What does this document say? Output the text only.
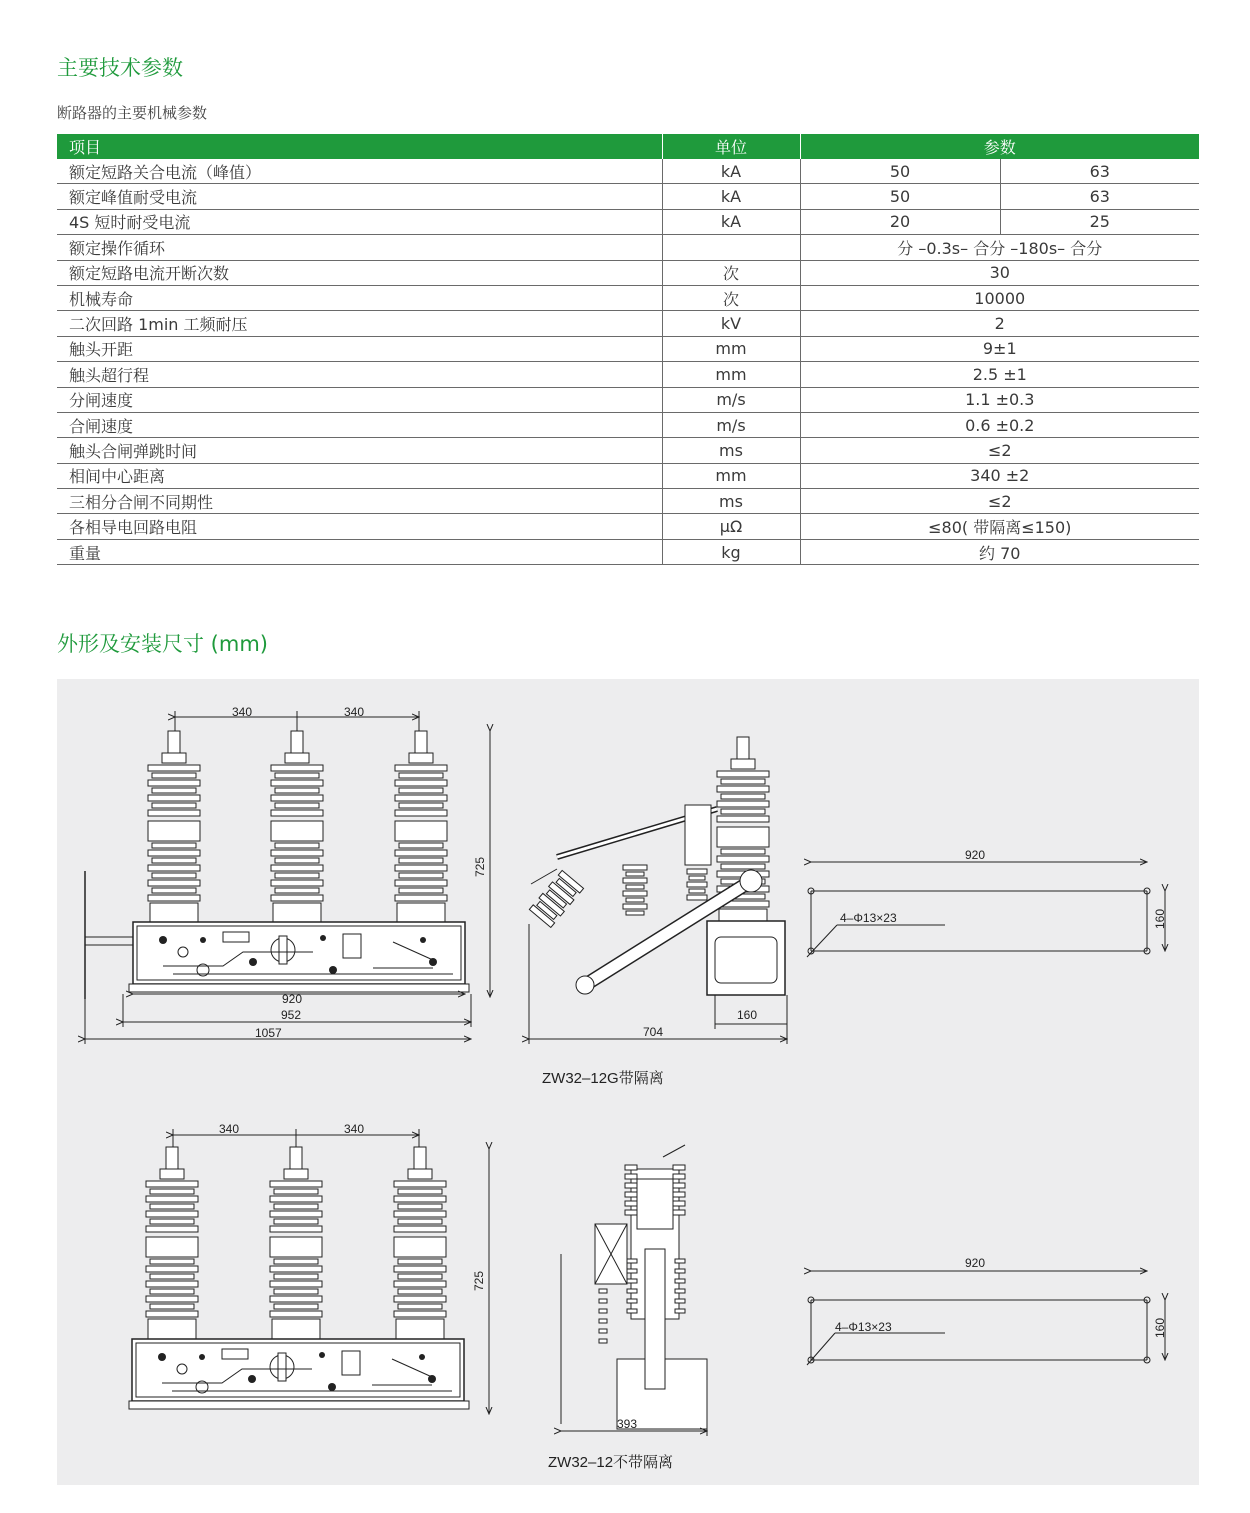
主要技术参数
断路器的主要机械参数
项目	单位	参数	
额定短路关合电流（峰值）	kA	50	63
额定峰值耐受电流	kA	50	63
4S 短时耐受电流	kA	20	25
额定操作循环		分 –0.3s– 合分 –180s– 合分	
额定短路电流开断次数	次	30	
机械寿命	次	10000	
二次回路 1min 工频耐压	kV	2	
触头开距	mm	9±1	
触头超行程	mm	2.5 ±1	
分闸速度	m/s	1.1 ±0.3	
合闸速度	m/s	0.6 ±0.2	
触头合闸弹跳时间	ms	≤2	
相间中心距离	mm	340 ±2	
三相分合闸不同期性	ms	≤2	
各相导电回路电阻	μΩ	≤80( 带隔离≤150)	
重量	kg	约 70	
外形及安装尺寸 (mm)
340	340
725
920
952
1057	704
160
ZW32–12G带隔离
920
160
4–Φ13×23
340	340
725
393
ZW32–12不带隔离
920
160
4–Φ13×23
